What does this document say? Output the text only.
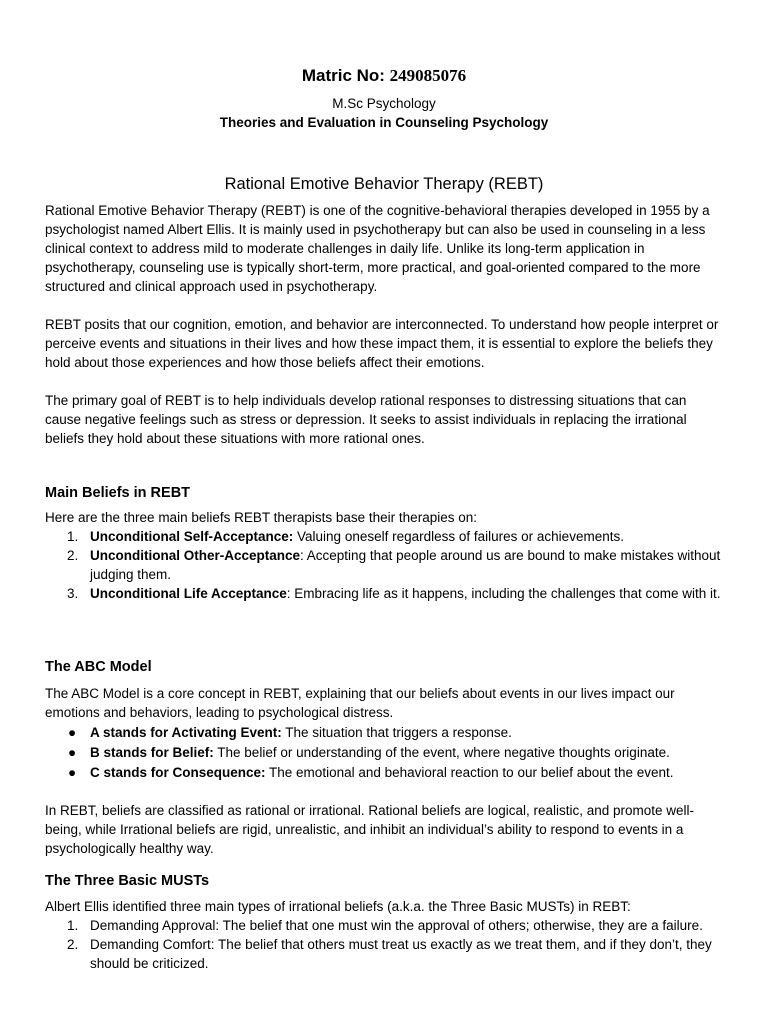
Matric No: 249085076
M.Sc Psychology
Theories and Evaluation in Counseling Psychology
Rational Emotive Behavior Therapy (REBT)

Rational Emotive Behavior Therapy (REBT) is one of the cognitive-behavioral therapies developed in 1955 by a psychologist named Albert Ellis. It is mainly used in psychotherapy but can also be used in counseling in a less clinical context to address mild to moderate challenges in daily life. Unlike its long-term application in psychotherapy, counseling use is typically short-term, more practical, and goal-oriented compared to the more structured and clinical approach used in psychotherapy.

REBT posits that our cognition, emotion, and behavior are interconnected. To understand how people interpret or perceive events and situations in their lives and how these impact them, it is essential to explore the beliefs they hold about those experiences and how those beliefs affect their emotions.

The primary goal of REBT is to help individuals develop rational responses to distressing situations that can cause negative feelings such as stress or depression. It seeks to assist individuals in replacing the irrational beliefs they hold about these situations with more rational ones.

Main Beliefs in REBT

Here are the three main beliefs REBT therapists base their therapies on:

1. Unconditional Self-Acceptance: Valuing oneself regardless of failures or achievements.
2. Unconditional Other-Acceptance: Accepting that people around us are bound to make mistakes without judging them.
3. Unconditional Life Acceptance: Embracing life as it happens, including the challenges that come with it.
The ABC Model

The ABC Model is a core concept in REBT, explaining that our beliefs about events in our lives impact our emotions and behaviors, leading to psychological distress.

● A stands for Activating Event: The situation that triggers a response.
● B stands for Belief: The belief or understanding of the event, where negative thoughts originate.
● C stands for Consequence: The emotional and behavioral reaction to our belief about the event.

In REBT, beliefs are classified as rational or irrational. Rational beliefs are logical, realistic, and promote well-being, while Irrational beliefs are rigid, unrealistic, and inhibit an individual’s ability to respond to events in a psychologically healthy way.

The Three Basic MUSTs

Albert Ellis identified three main types of irrational beliefs (a.k.a. the Three Basic MUSTs) in REBT:

1. Demanding Approval: The belief that one must win the approval of others; otherwise, they are a failure.
2. Demanding Comfort: The belief that others must treat us exactly as we treat them, and if they don’t, they should be criticized.
